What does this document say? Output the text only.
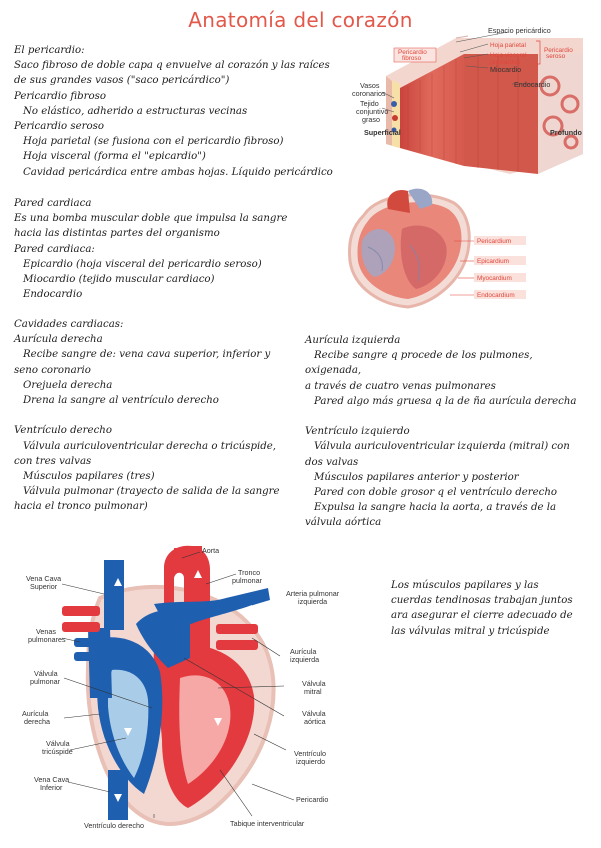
Anatomía del corazón
El pericardio:
Saco fibroso de doble capa q envuelve al corazón y las raíces
de sus grandes vasos ("saco pericárdico")
Pericardio fibroso
No elástico, adherido a estructuras vecinas
Pericardio seroso
Hoja parietal (se fusiona con el pericardio fibroso)
Hoja visceral (forma el "epicardio")
Cavidad pericárdica entre ambas hojas. Líquido pericárdico
Pared cardiaca
Es una bomba muscular doble que impulsa la sangre
hacia las distintas partes del organismo
Pared cardiaca:
Epicardio (hoja visceral del pericardio seroso)
Miocardio (tejido muscular cardiaco)
Endocardio
Cavidades cardiacas:
Aurícula derecha
Recibe sangre de: vena cava superior, inferior y
seno coronario
Orejuela derecha
Drena la sangre al ventrículo derecho

Ventrículo derecho
Válvula auriculoventricular derecha o tricúspide,
con tres valvas
Músculos papilares (tres)
Válvula pulmonar (trayecto de salida de la sangre
hacia el tronco pulmonar)
Aurícula izquierda
Recibe sangre q procede de los pulmones,
oxigenada,
a través de cuatro venas pulmonares
Pared algo más gruesa q la de ña aurícula derecha

Ventrículo izquierdo
Válvula auriculoventricular izquierda (mitral) con
dos valvas
Músculos papilares anterior y posterior
Pared con doble grosor q el ventrículo derecho
Expulsa la sangre hacia la aorta, a través de la
válvula aórtica
Los músculos papilares y las
cuerdas tendinosas trabajan juntos
ara asegurar el cierre adecuado de
las válvulas mitral y tricúspide
Pericardio
fibroso
Espacio pericárdico
Hoja parietal
Hoja visceral
(epicardio)
Miocardio
Pericardio
seroso
Endocardio
Vasos
coronarios
Tejido
conjuntivo
graso
Superficial	Profundo
Pericardium
Epicardium
Myocardium
Endocardium
Aorta
Tronco
pulmonar
Vena Cava
Superior
Arteria pulmonar
izquierda
Venas
pulmonares
Aurícula
izquierda
Válvula
pulmonar	Válvula
mitral
Aurícula
derecha
Válvula
aórtica
Válvula
tricúspide	Ventrículo
izquierdo
Vena Cava
Inferior
Pericardio
Ventrículo derecho	Tabique interventricular
